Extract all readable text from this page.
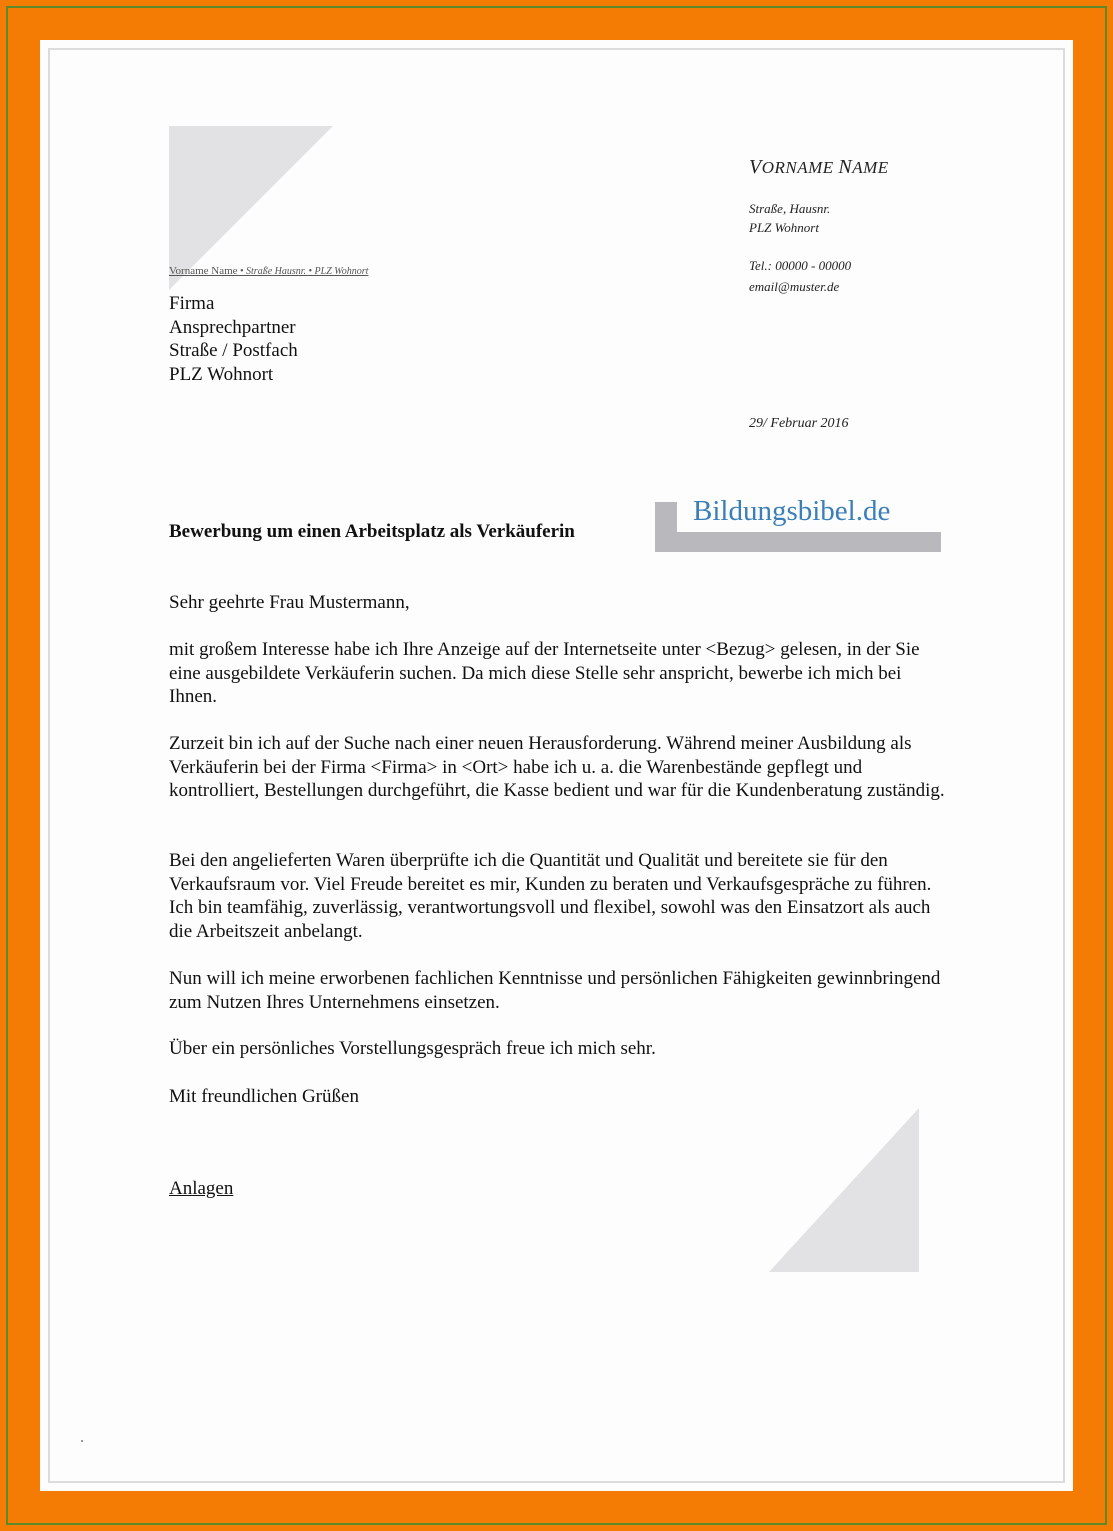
VORNAME NAME
Straße, Hausnr.
PLZ Wohnort
Tel.: 00000 - 00000
email@muster.de
Vorname Name • Straße Hausnr. • PLZ Wohnort
Firma
Ansprechpartner
Straße / Postfach
PLZ Wohnort
29/ Februar 2016
Bildungsbibel.de
Bewerbung um einen Arbeitsplatz als Verkäuferin
Sehr geehrte Frau Mustermann,
mit großem Interesse habe ich Ihre Anzeige auf der Internetseite unter <Bezug> gelesen, in der Sie eine ausgebildete Verkäuferin suchen. Da mich diese Stelle sehr anspricht, bewerbe ich mich bei Ihnen.
Zurzeit bin ich auf der Suche nach einer neuen Herausforderung. Während meiner Ausbildung als Verkäuferin bei der Firma <Firma> in <Ort> habe ich u. a. die Warenbestände gepflegt und kontrolliert, Bestellungen durchgeführt, die Kasse bedient und war für die Kundenberatung zuständig.
Bei den angelieferten Waren überprüfte ich die Quantität und Qualität und bereitete sie für den Verkaufsraum vor. Viel Freude bereitet es mir, Kunden zu beraten und Verkaufsgespräche zu führen. Ich bin teamfähig, zuverlässig, verantwortungsvoll und flexibel, sowohl was den Einsatzort als auch die Arbeitszeit anbelangt.
Nun will ich meine erworbenen fachlichen Kenntnisse und persönlichen Fähigkeiten gewinnbringend zum Nutzen Ihres Unternehmens einsetzen.
Über ein persönliches Vorstellungsgespräch freue ich mich sehr.
Mit freundlichen Grüßen
Anlagen
